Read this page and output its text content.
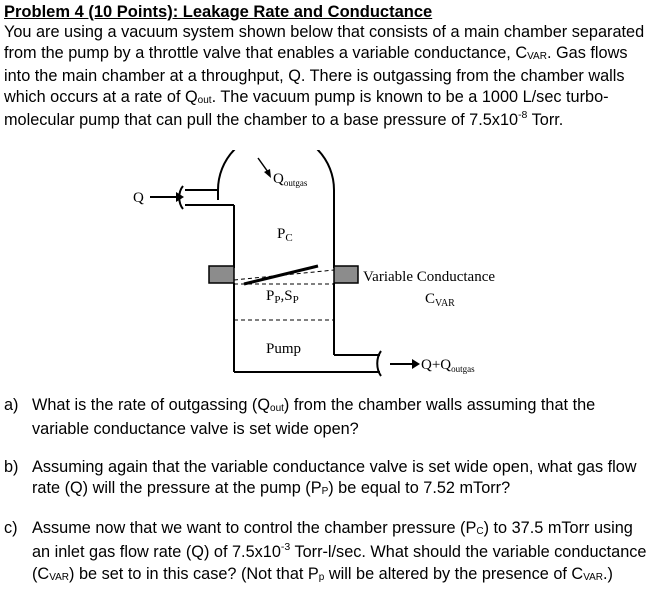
Problem 4 (10 Points): Leakage Rate and Conductance
You are using a vacuum system shown below that consists of a main chamber separated from the pump by a throttle valve that enables a variable conductance, CVAR. Gas flows into the main chamber at a throughput, Q. There is outgassing from the chamber walls which occurs at a rate of Qout. The vacuum pump is known to be a 1000 L/sec turbo-molecular pump that can pull the chamber to a base pressure of $7.5x10^{-8}$ Torr.
Q
$Q_{outgas}$
$P_C$
$P_P,S_P$
Pump
Variable Conductance
$C_{VAR}$
$Q+Q_{outgas}$
a) What is the rate of outgassing (Qout) from the chamber walls assuming that the variable conductance valve is set wide open?
b) Assuming again that the variable conductance valve is set wide open, what gas flow rate (Q) will the pressure at the pump (PP) be equal to 7.52 mTorr?
c) Assume now that we want to control the chamber pressure (PC) to 37.5 mTorr using an inlet gas flow rate (Q) of $7.5x10^{-3}$ Torr-l/sec. What should the variable conductance (CVAR) be set to in this case? (Not that Pp will be altered by the presence of CVAR.)
